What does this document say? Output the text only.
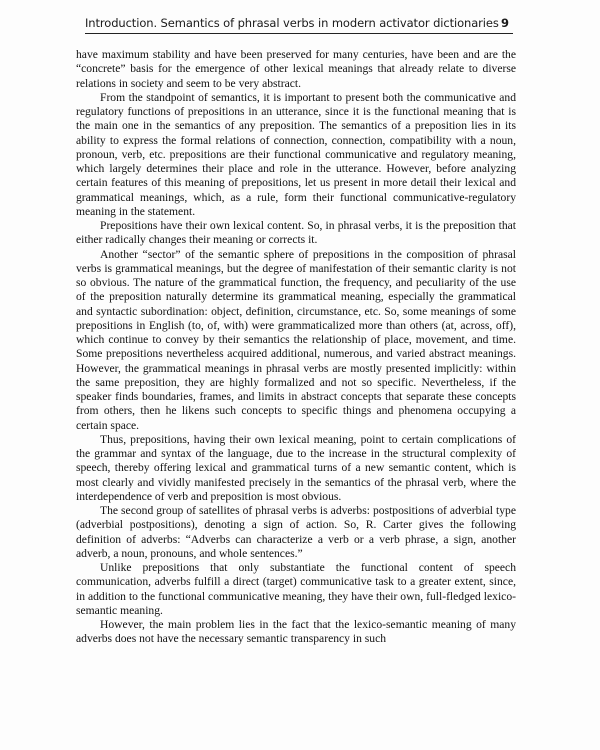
Introduction. Semantics of phrasal verbs in modern activator dictionaries 9

have maximum stability and have been preserved for many centuries, have been and are the “concrete” basis for the emergence of other lexical meanings that already relate to diverse relations in society and seem to be very abstract.

From the standpoint of semantics, it is important to present both the communicative and regulatory functions of prepositions in an utterance, since it is the functional meaning that is the main one in the semantics of any preposition. The semantics of a preposition lies in its ability to express the formal relations of connection, connection, compatibility with a noun, pronoun, verb, etc. prepositions are their functional communicative and regulatory meaning, which largely determines their place and role in the utterance. However, before analyzing certain features of this meaning of prepositions, let us present in more detail their lexical and grammatical meanings, which, as a rule, form their functional communicative-regulatory meaning in the statement.

Prepositions have their own lexical content. So, in phrasal verbs, it is the preposition that either radically changes their meaning or corrects it.

Another “sector” of the semantic sphere of prepositions in the composition of phrasal verbs is grammatical meanings, but the degree of manifestation of their semantic clarity is not so obvious. The nature of the grammatical function, the frequency, and peculiarity of the use of the preposition naturally determine its grammatical meaning, especially the grammatical and syntactic subordination: object, definition, circumstance, etc. So, some meanings of some prepositions in English (to, of, with) were grammaticalized more than others (at, across, off), which continue to convey by their semantics the relationship of place, movement, and time. Some prepositions nevertheless acquired additional, numerous, and varied abstract meanings. However, the grammatical meanings in phrasal verbs are mostly presented implicitly: within the same preposition, they are highly formalized and not so specific. Nevertheless, if the speaker finds boundaries, frames, and limits in abstract concepts that separate these concepts from others, then he likens such concepts to specific things and phenomena occupying a certain space.

Thus, prepositions, having their own lexical meaning, point to certain complications of the grammar and syntax of the language, due to the increase in the structural complexity of speech, thereby offering lexical and grammatical turns of a new semantic content, which is most clearly and vividly manifested precisely in the semantics of the phrasal verb, where the interdependence of verb and preposition is most obvious.

The second group of satellites of phrasal verbs is adverbs: postpositions of adverbial type (adverbial postpositions), denoting a sign of action. So, R. Carter gives the following definition of adverbs: “Adverbs can characterize a verb or a verb phrase, a sign, another adverb, a noun, pronouns, and whole sentences.”

Unlike prepositions that only substantiate the functional content of speech communication, adverbs fulfill a direct (target) communicative task to a greater extent, since, in addition to the functional communicative meaning, they have their own, full-fledged lexico-semantic meaning.

However, the main problem lies in the fact that the lexico-semantic meaning of many adverbs does not have the necessary semantic transparency in such
